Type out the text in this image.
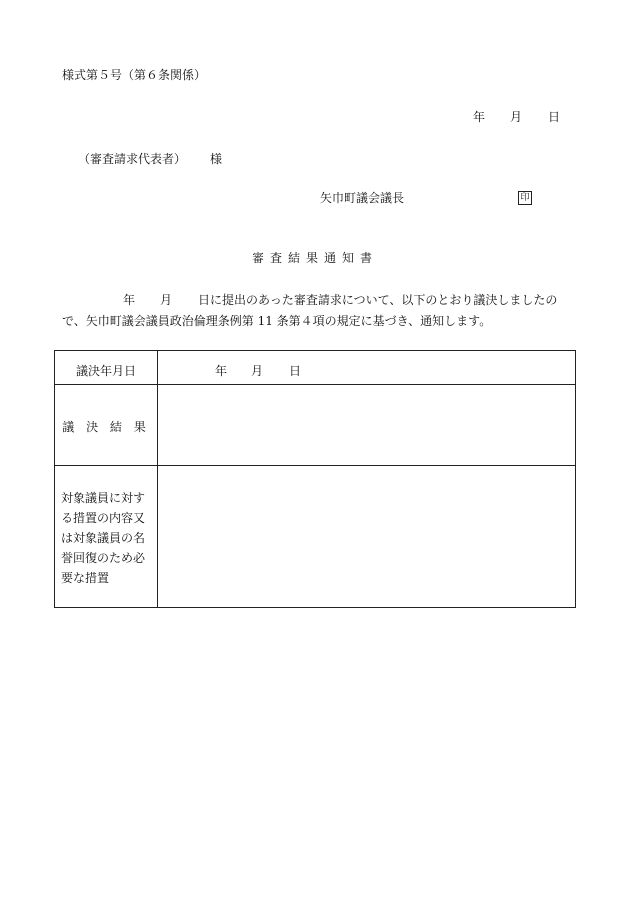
様式第５号（第６条関係）
年 月 日
（審査請求代表者） 様
矢巾町議会議長	印
審査結果通知書
年 月 日に提出のあった審査請求について、以下のとおり議決しましたの
で、矢巾町議会議員政治倫理条例第 11 条第４項の規定に基づき、通知します。
議決年月日	年 月 日
議 決 結 果
対象議員に対す
る措置の内容又
は対象議員の名
誉回復のため必
要な措置
